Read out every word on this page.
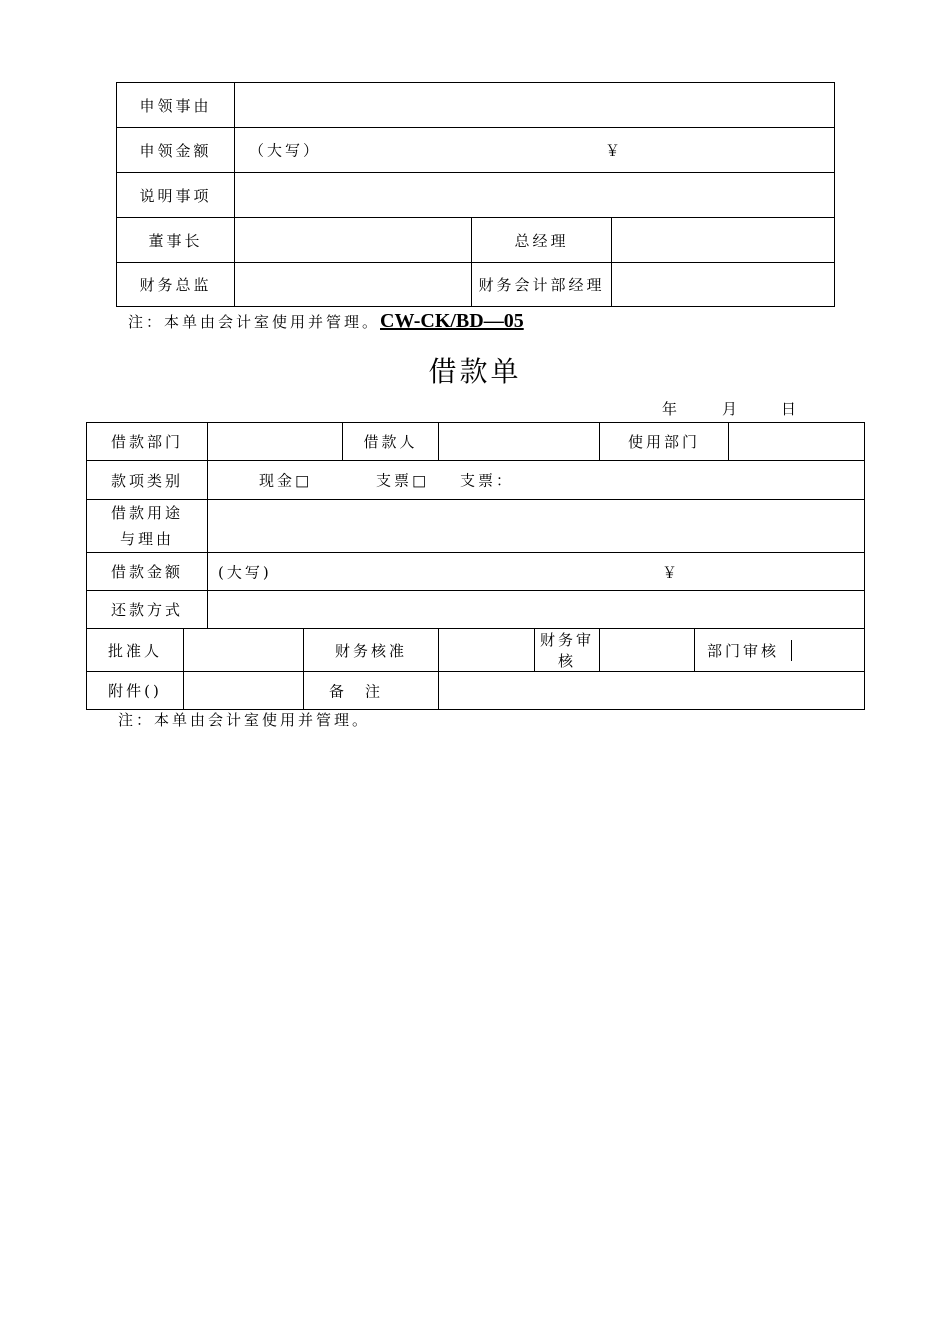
申领事由			
申领金额	（大写） ￥		

说明事项			
董事长		总经理	
财务总监		财务会计部经理	
注：本单由会计室使用并管理。CW-CK/BD—05
借款单
年	月	日
借款部门				借款人			使用部门		
款项类别		现金□ 支票□ 支票：							

借款用途
与理由									

借款金额		(大写) ￥							

还款方式									
批准人			财务核准			财务审核		部门审核	

附件()			备　注						

注：本单由会计室使用并管理。
